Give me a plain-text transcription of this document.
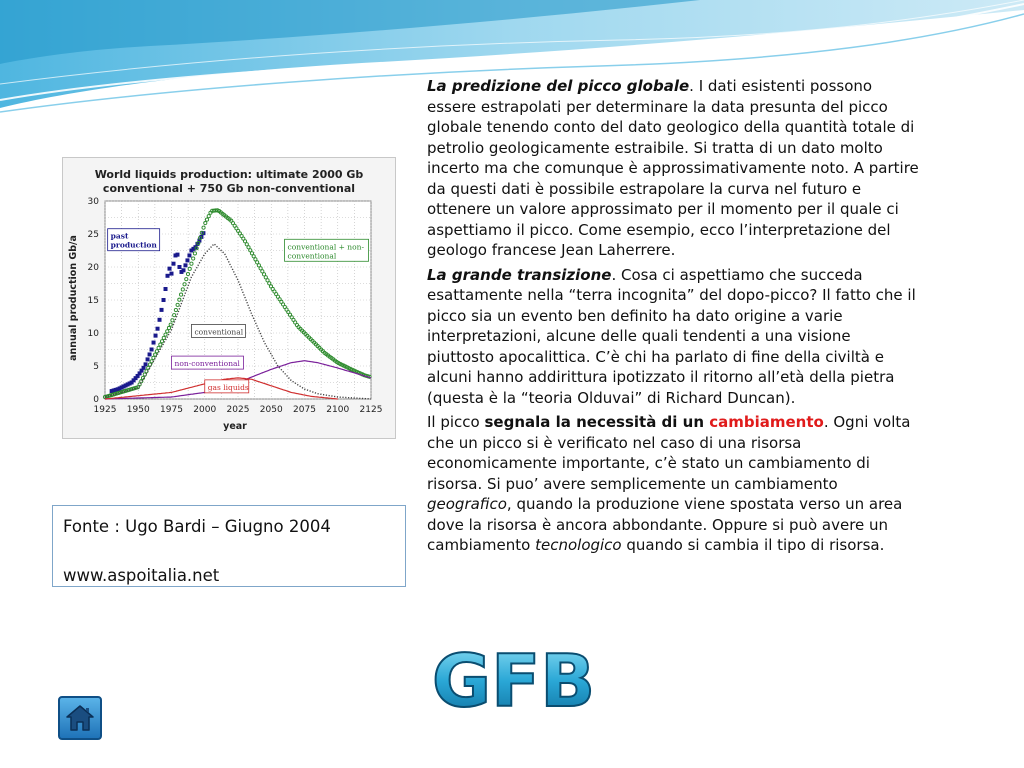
World liquids production: ultimate 2000 Gb
conventional + 750 Gb non-conventional
1925 1950 1975 2000 2025 2050 2075 2100 2125
0
5
10
15
20
25
30
annual production Gb/a
year
past
production	conventional + non-
conventional
conventional
non-conventional
gas liquids

Fonte : Ugo Bardi – Giugno 2004

www.aspoitalia.net

La predizione del picco globale. I dati esistenti possono essere estrapolati per determinare la data presunta del picco globale tenendo conto del dato geologico della quantità totale di petrolio geologicamente estraibile. Si tratta di un dato molto incerto ma che comunque è approssimativamente noto. A partire da questi dati è possibile estrapolare la curva nel futuro e ottenere un valore approssimato per il momento per il quale ci aspettiamo il picco. Come esempio, ecco l’interpretazione del geologo francese Jean Laherrere.

La grande transizione. Cosa ci aspettiamo che succeda esattamente nella “terra incognita” del dopo-picco? Il fatto che il picco sia un evento ben definito ha dato origine a varie interpretazioni, alcune delle quali tendenti a una visione piuttosto apocalittica. C’è chi ha parlato di fine della civiltà e alcuni hanno addirittura ipotizzato il ritorno all’età della pietra (questa è la “teoria Olduvai” di Richard Duncan).

Il picco segnala la necessità di un cambiamento. Ogni volta che un picco si è verificato nel caso di una risorsa economicamente importante, c’è stato un cambiamento di risorsa. Si puo’ avere semplicemente un cambiamento geografico, quando la produzione viene spostata verso un area dove la risorsa è ancora abbondante. Oppure si può avere un cambiamento tecnologico quando si cambia il tipo di risorsa.

GFB
